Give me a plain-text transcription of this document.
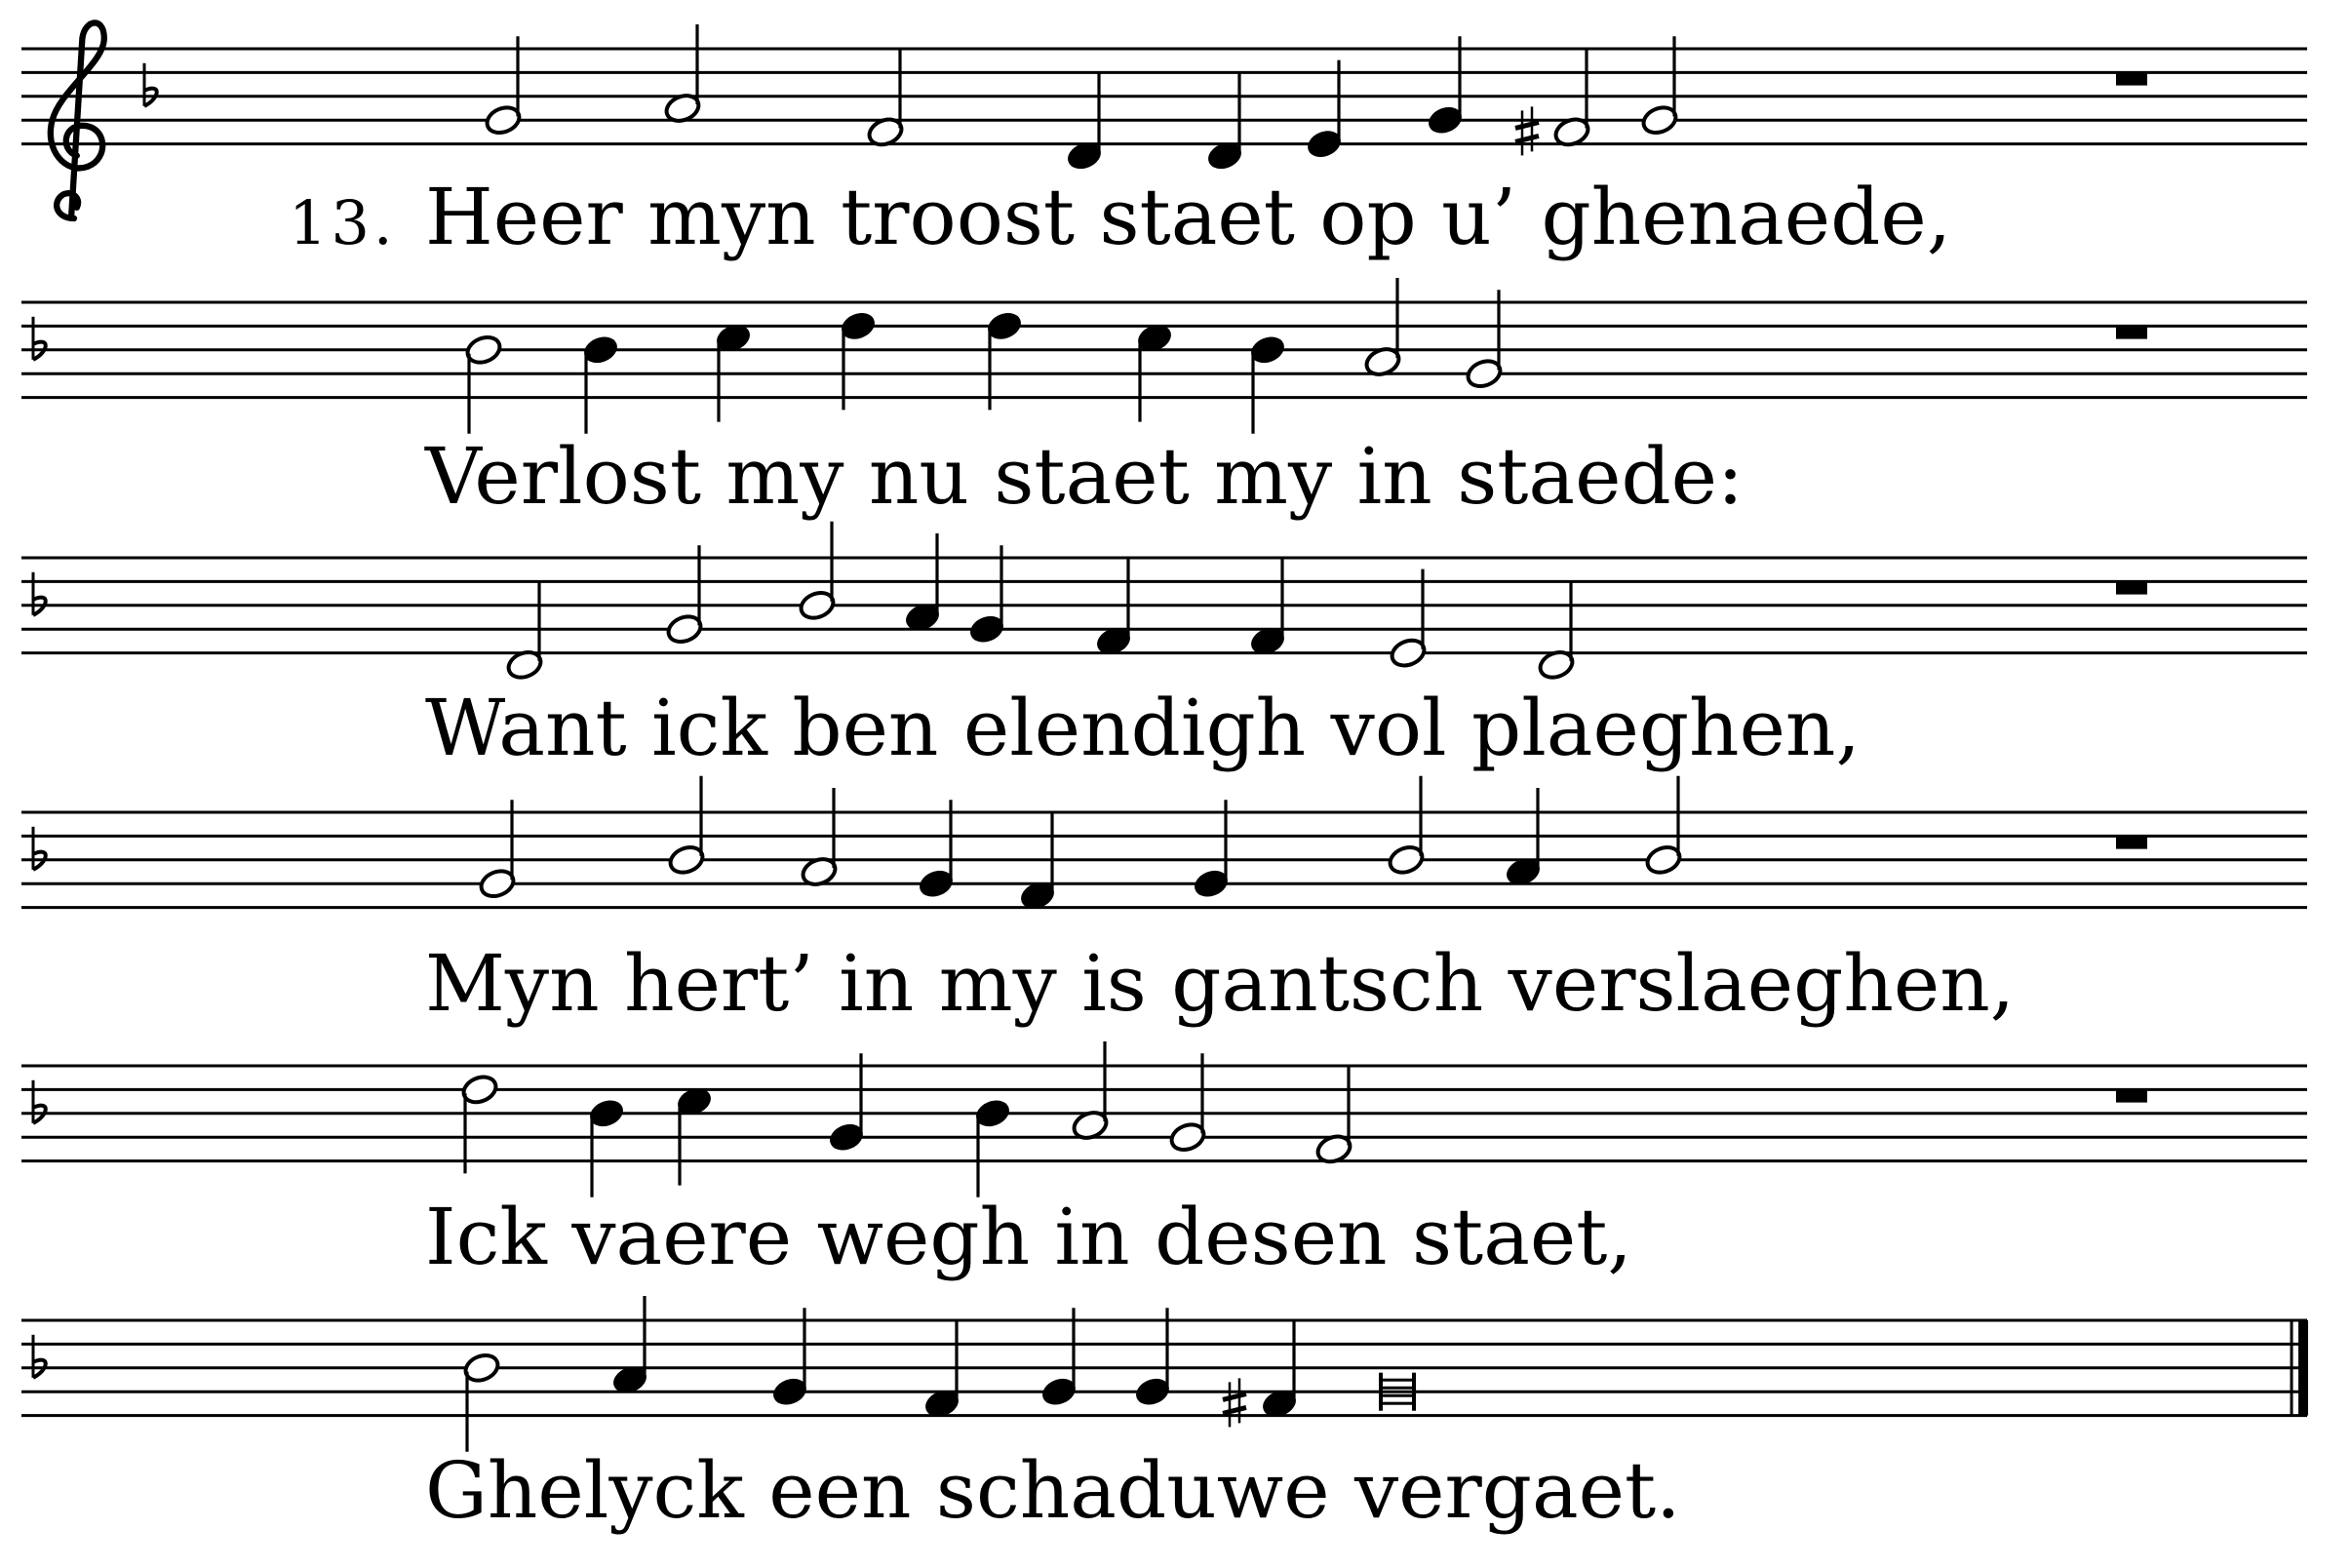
13. Heer myn troost staet op u’ ghenaede,
Verlost my nu staet my in staede:
Want ick ben elendigh vol plaeghen,
Myn hert’ in my is gantsch verslaeghen,
Ick vaere wegh in desen staet,
Ghelyck een schaduwe vergaet.
